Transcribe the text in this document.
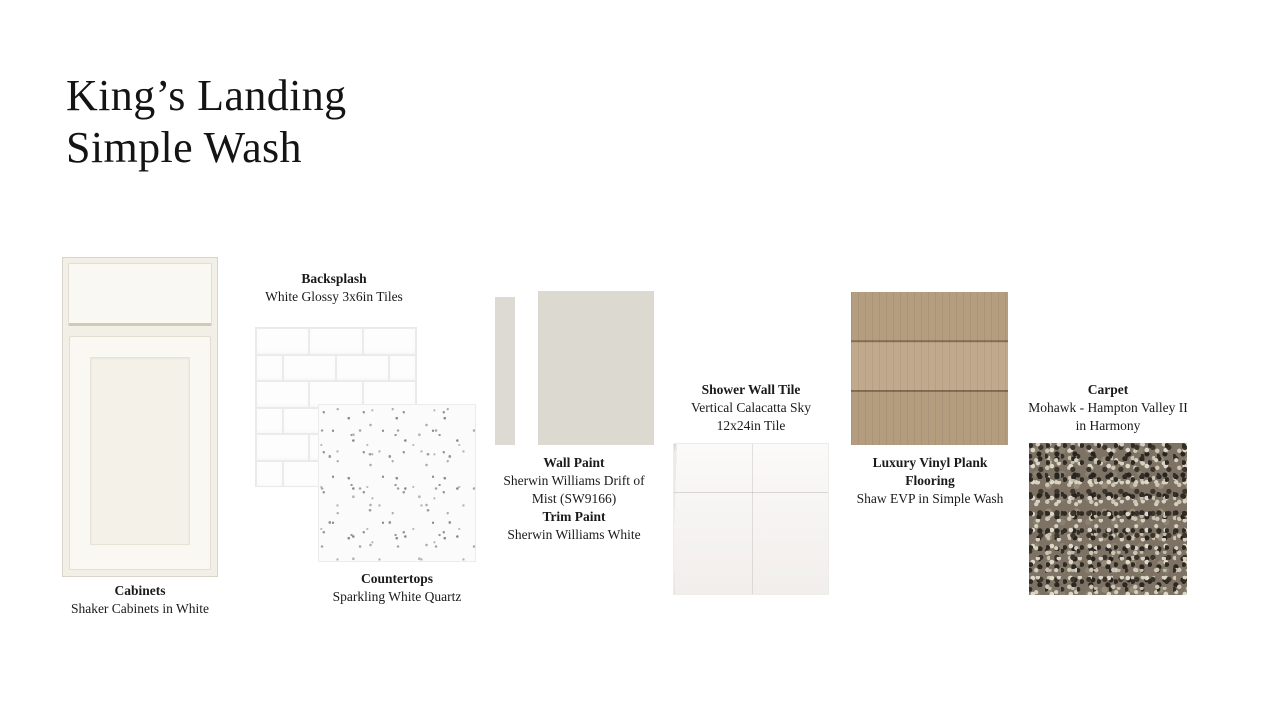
King’s Landing
Simple Wash
Cabinets
Shaker Cabinets in White
Backsplash
White Glossy 3x6in Tiles
Countertops
Sparkling White Quartz
Wall Paint
Sherwin Williams Drift of Mist (SW9166)
Trim Paint
Sherwin Williams White
Shower Wall Tile
Vertical Calacatta Sky 12x24in Tile
Luxury Vinyl Plank Flooring
Shaw EVP in Simple Wash
Carpet
Mohawk - Hampton Valley II in Harmony
